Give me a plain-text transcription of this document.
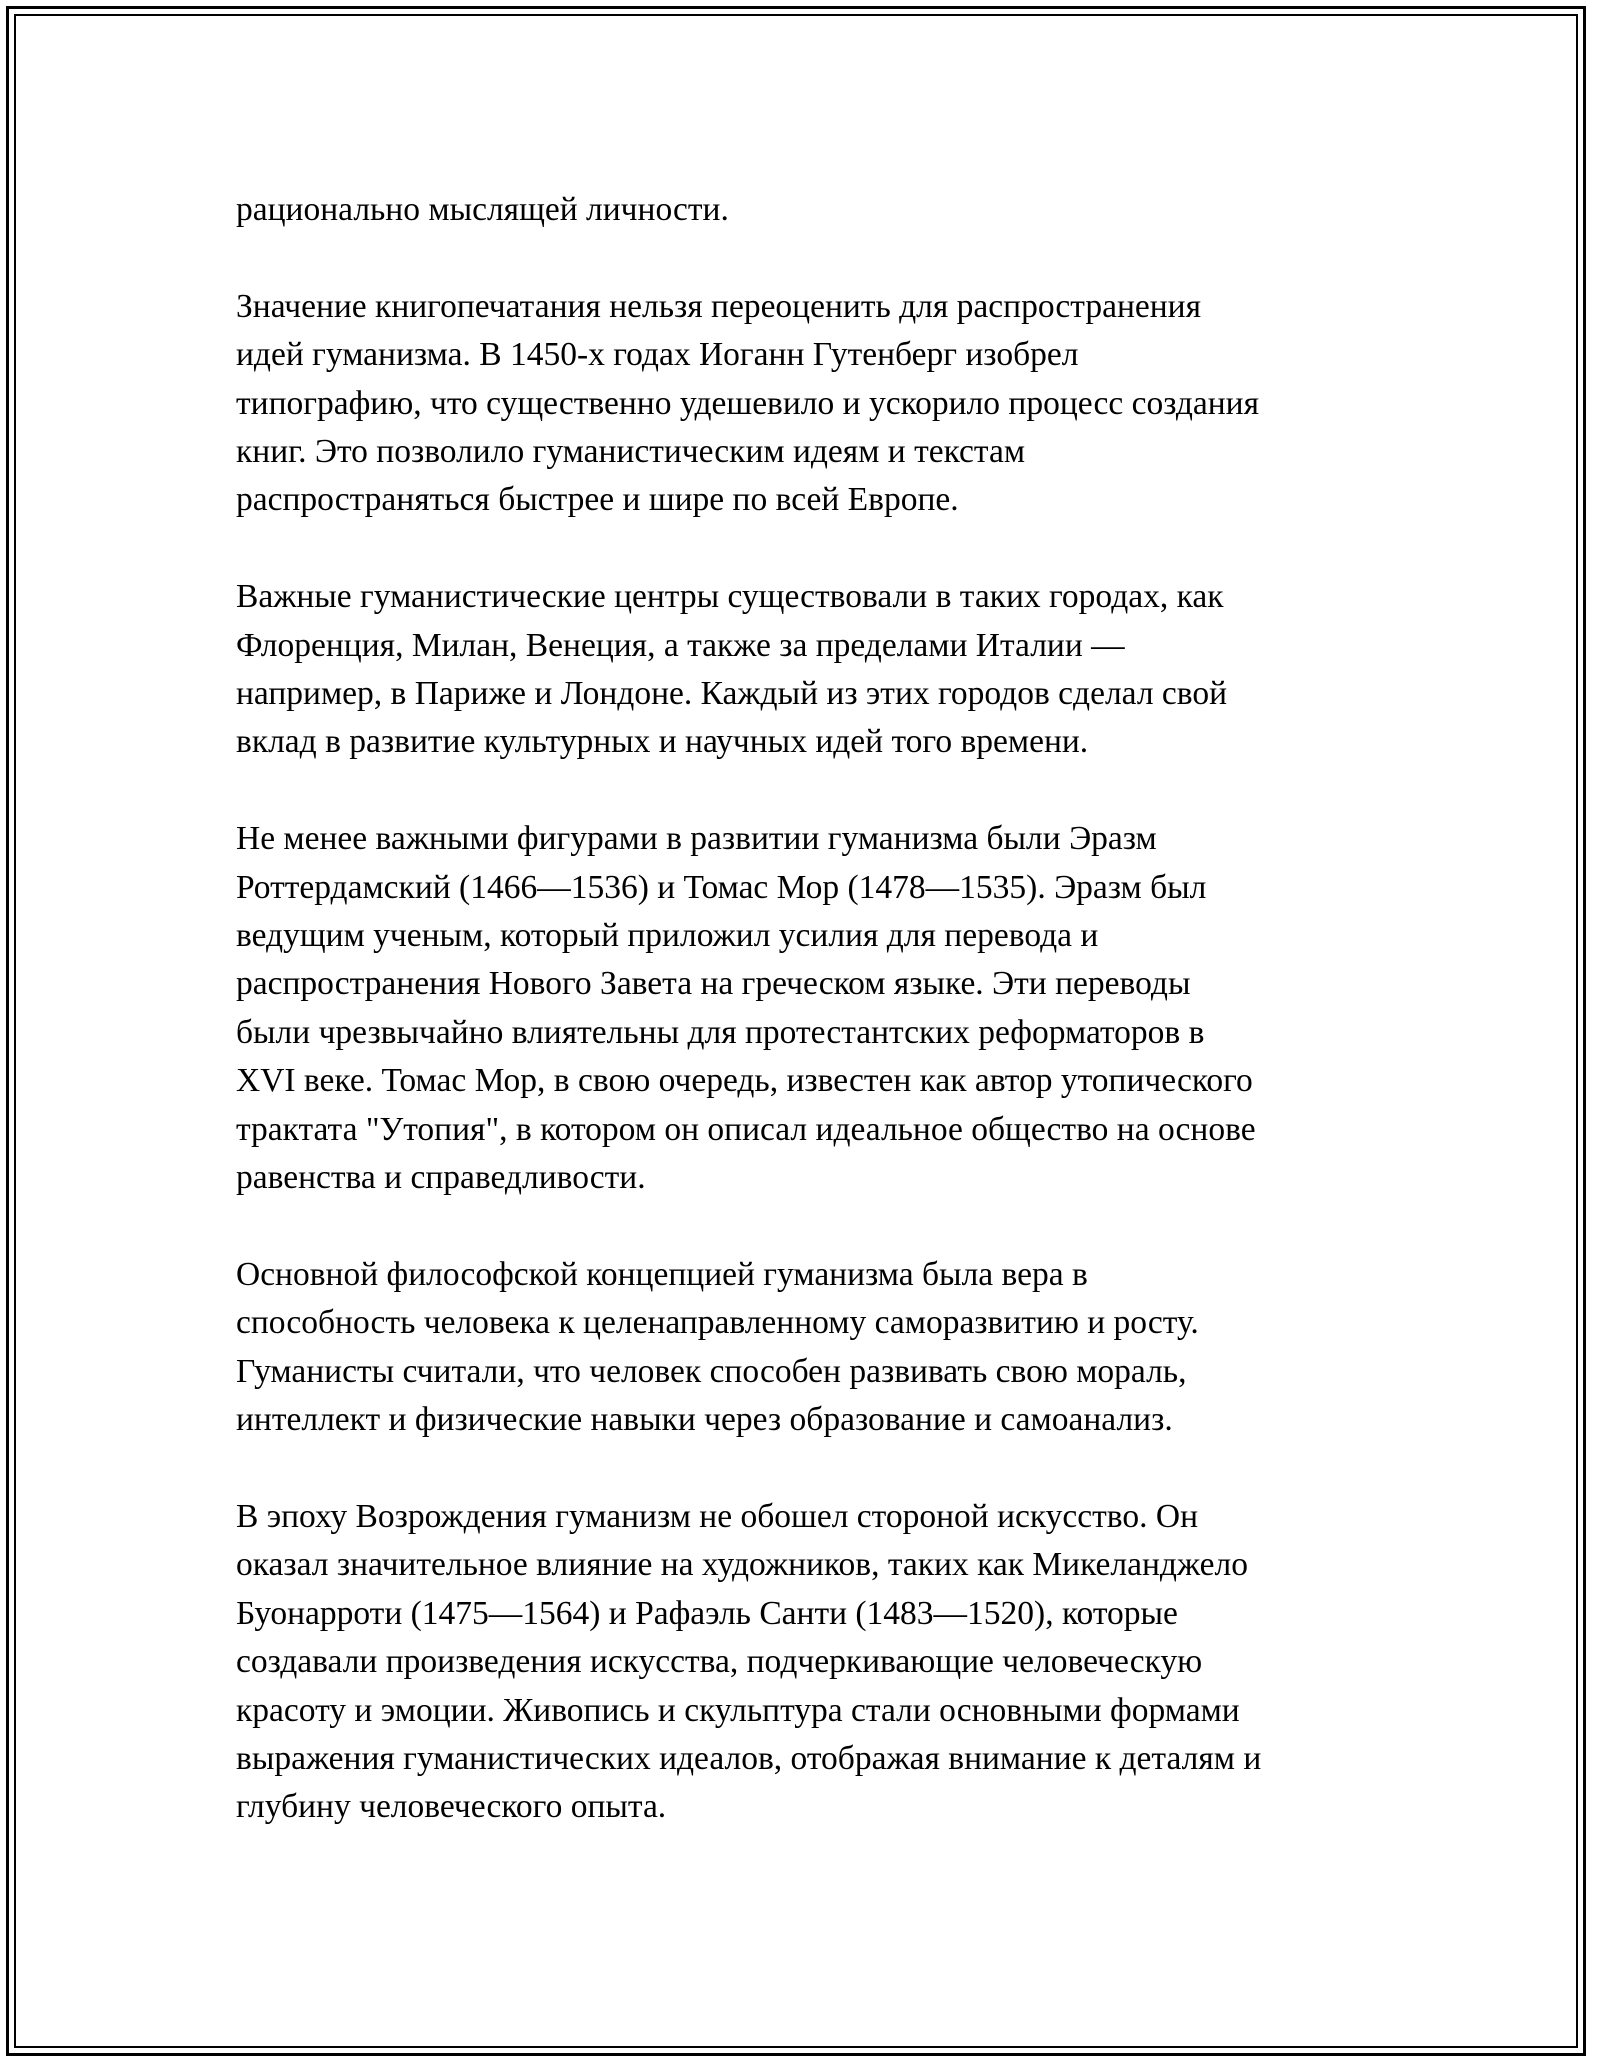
рационально мыслящей личности.

Значение книгопечатания нельзя переоценить для распространения
идей гуманизма. В 1450-х годах Иоганн Гутенберг изобрел
типографию, что существенно удешевило и ускорило процесс создания
книг. Это позволило гуманистическим идеям и текстам
распространяться быстрее и шире по всей Европе.

Важные гуманистические центры существовали в таких городах, как
Флоренция, Милан, Венеция, а также за пределами Италии —
например, в Париже и Лондоне. Каждый из этих городов сделал свой
вклад в развитие культурных и научных идей того времени.

Не менее важными фигурами в развитии гуманизма были Эразм
Роттердамский (1466—1536) и Томас Мор (1478—1535). Эразм был
ведущим ученым, который приложил усилия для перевода и
распространения Нового Завета на греческом языке. Эти переводы
были чрезвычайно влиятельны для протестантских реформаторов в
XVI веке. Томас Мор, в свою очередь, известен как автор утопического
трактата "Утопия", в котором он описал идеальное общество на основе
равенства и справедливости.

Основной философской концепцией гуманизма была вера в
способность человека к целенаправленному саморазвитию и росту.
Гуманисты считали, что человек способен развивать свою мораль,
интеллект и физические навыки через образование и самоанализ.

В эпоху Возрождения гуманизм не обошел стороной искусство. Он
оказал значительное влияние на художников, таких как Микеланджело
Буонарроти (1475—1564) и Рафаэль Санти (1483—1520), которые
создавали произведения искусства, подчеркивающие человеческую
красоту и эмоции. Живопись и скульптура стали основными формами
выражения гуманистических идеалов, отображая внимание к деталям и
глубину человеческого опыта.
